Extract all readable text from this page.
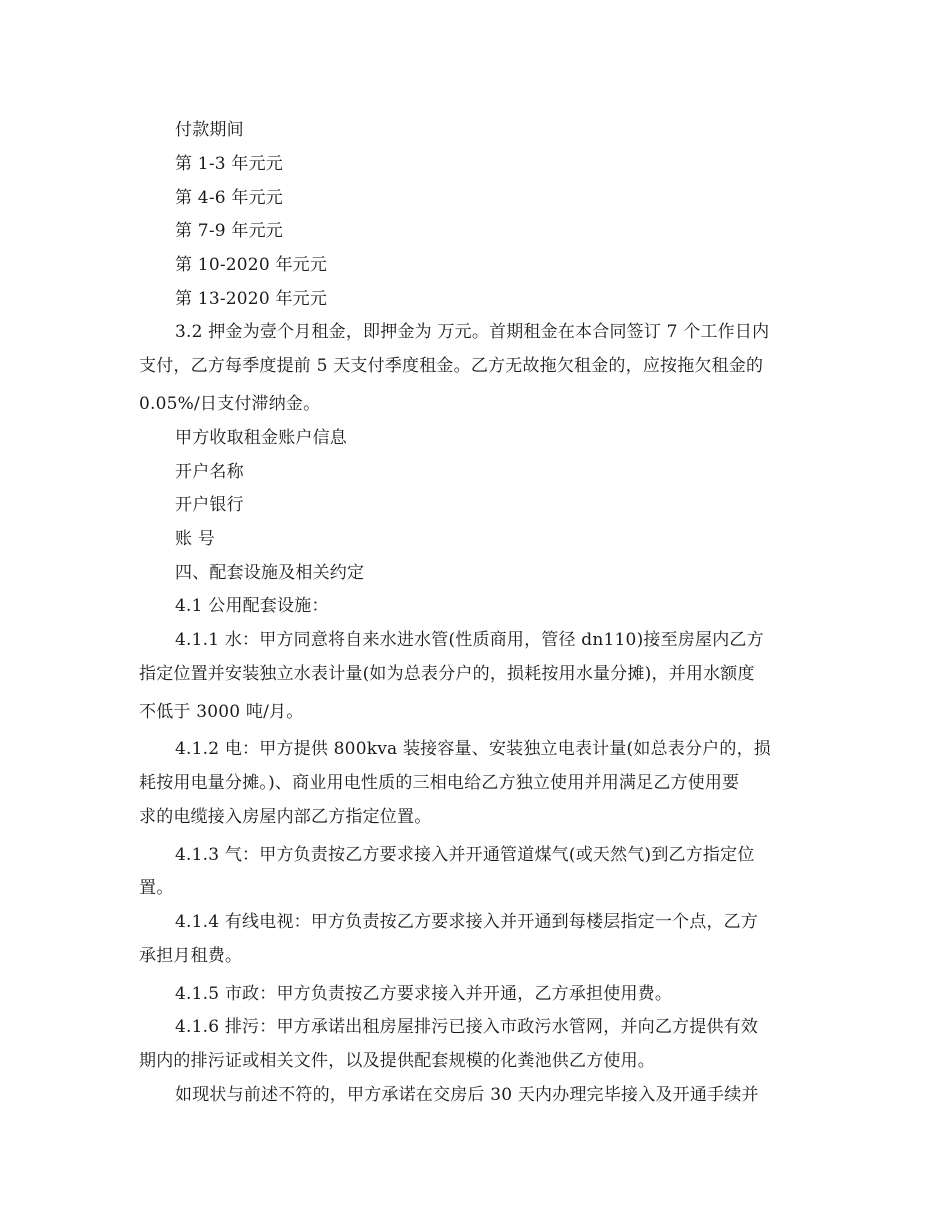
付款期间
第 1-3 年元元
第 4-6 年元元
第 7-9 年元元
第 10-2020 年元元
第 13-2020 年元元
3.2 押金为壹个月租金，即押金为 万元。首期租金在本合同签订 7 个工作日内
支付，乙方每季度提前 5 天支付季度租金。乙方无故拖欠租金的，应按拖欠租金的
0.05%/日支付滞纳金。
甲方收取租金账户信息
开户名称
开户银行
账 号
四、配套设施及相关约定
4.1 公用配套设施：
4.1.1 水：甲方同意将自来水进水管(性质商用，管径 dn110)接至房屋内乙方
指定位置并安装独立水表计量(如为总表分户的，损耗按用水量分摊)，并用水额度
不低于 3000 吨/月。
4.1.2 电：甲方提供 800kva 装接容量、安装独立电表计量(如总表分户的，损
耗按用电量分摊。)、商业用电性质的三相电给乙方独立使用并用满足乙方使用要
求的电缆接入房屋内部乙方指定位置。
4.1.3 气：甲方负责按乙方要求接入并开通管道煤气(或天然气)到乙方指定位
置。
4.1.4 有线电视：甲方负责按乙方要求接入并开通到每楼层指定一个点，乙方
承担月租费。
4.1.5 市政：甲方负责按乙方要求接入并开通，乙方承担使用费。
4.1.6 排污：甲方承诺出租房屋排污已接入市政污水管网，并向乙方提供有效
期内的排污证或相关文件，以及提供配套规模的化粪池供乙方使用。
如现状与前述不符的，甲方承诺在交房后 30 天内办理完毕接入及开通手续并
